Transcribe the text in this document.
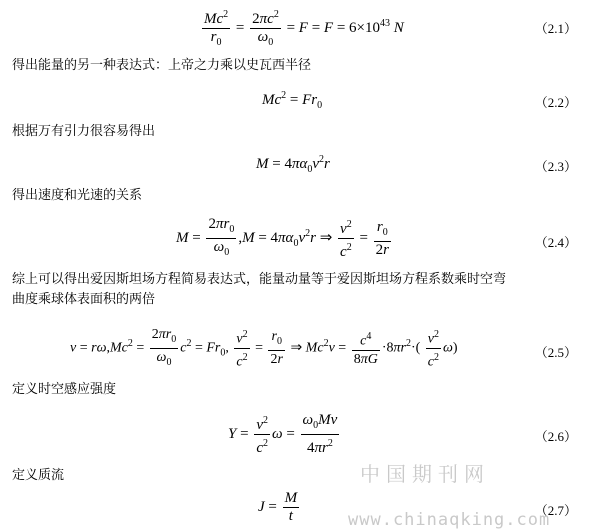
$\frac{Mc^2}{r_0} = \frac{2\pi c^2}{\omega_0} = F = F = 6\times 10^{43}$ N	（2.1）
得出能量的另一种表达式：上帝之力乘以史瓦西半径
$Mc^2 = Fr_0$	（2.2）
根据万有引力很容易得出
$M = 4\pi\alpha_0v^2r$	（2.3）
得出速度和光速的关系
$M = \frac{2\pi r_0}{\omega_0} ,M = 4\pi\alpha_0v^2r$ ⇒ $\frac{v^2}{c^2} = \frac{r_0}{2r}$	（2.4）
综上可以得出爱因斯坦场方程简易表达式，能量动量等于爱因斯坦场方程系数乘时空弯
曲度乘球体表面积的两倍
$v = r\omega,Mc^2 = \frac{2\pi r_0}{\omega_0} c^2 = Fr_0$, $\frac{v^2}{c^2} = \frac{r_0}{2r}$ ⇒ $Mc^2v = \frac{c^4}{8\pi G} \cdot 8\pi r^2\cdot( \frac{v^2}{c^2} \omega)$	（2.5）
定义时空感应强度
$Y = \frac{v^2}{c^2}$ $\omega = \frac{\omega_0Mv}{4\pi r^2}$	（2.6）
定义质流
$J = \frac{M}{t}$	（2.7）
中国期刊网
www.chinaqking.com
